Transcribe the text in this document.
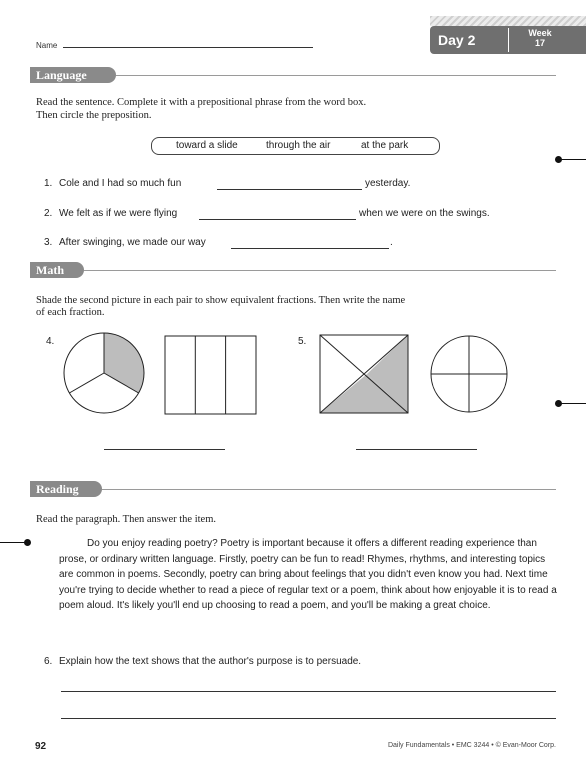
Name	Day 2	Week
17
Language
Read the sentence. Complete it with a prepositional phrase from the word box.
Then circle the preposition.
toward a slide	through the air	at the park
1. Cole and I had so much fun	yesterday.
2. We felt as if we were flying	when we were on the swings.
3. After swinging, we made our way	.
Math
Shade the second picture in each pair to show equivalent fractions. Then write the name
of each fraction.
4.	5.
Reading
Read the paragraph. Then answer the item.
Do you enjoy reading poetry? Poetry is important because it offers a different reading experience than prose, or ordinary written language. Firstly, poetry can be fun to read! Rhymes, rhythms, and interesting topics are common in poems. Secondly, poetry can bring about feelings that you didn't even know you had. Next time you're trying to decide whether to read a piece of regular text or a poem, think about how enjoyable it is to read a poem aloud. It's likely you'll end up choosing to read a poem, and you'll be making a great choice.
6. Explain how the text shows that the author's purpose is to persuade.
92	Daily Fundamentals • EMC 3244 • © Evan-Moor Corp.
